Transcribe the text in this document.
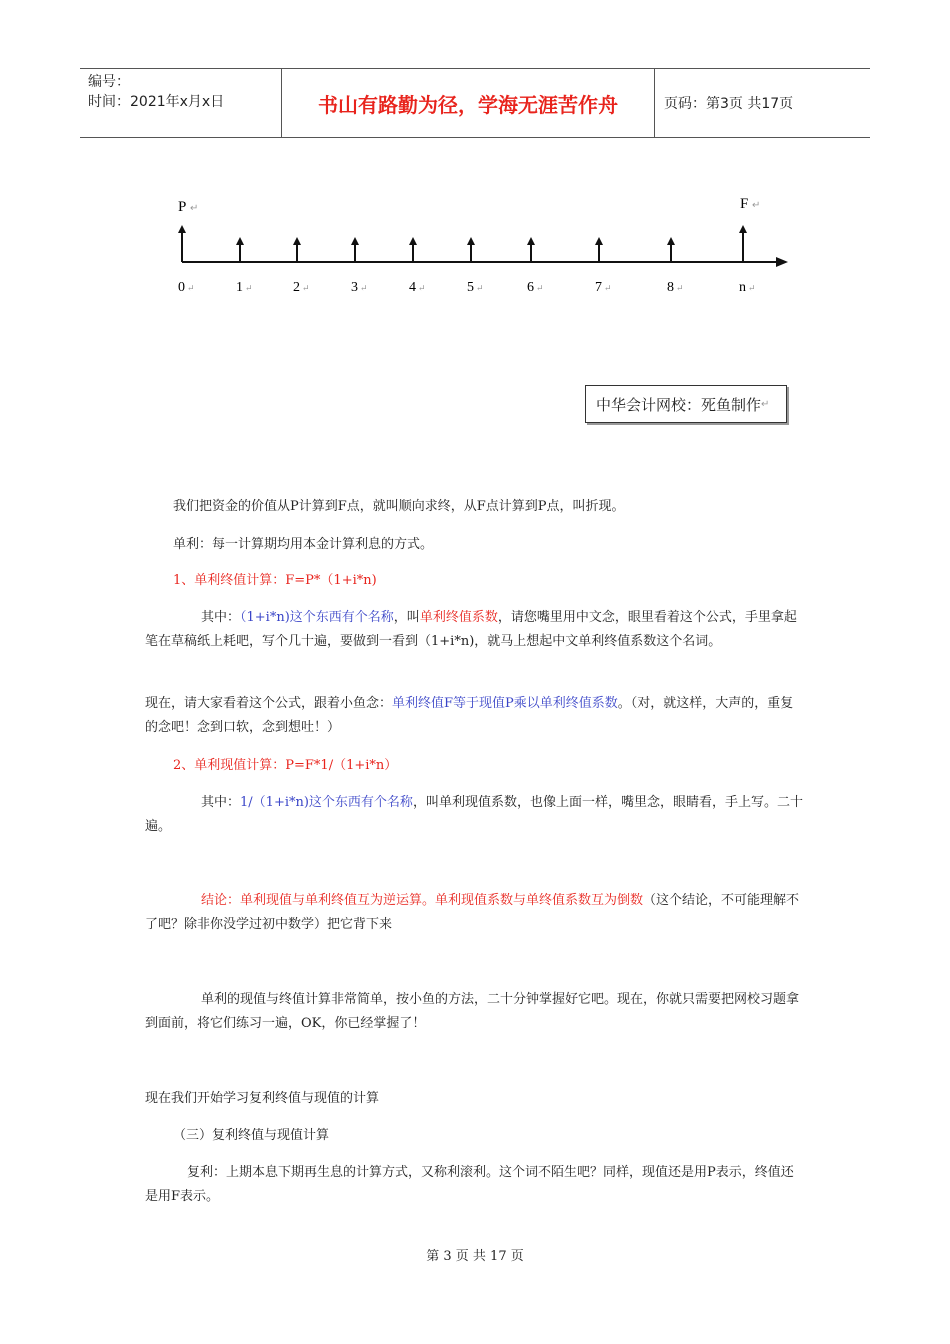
编号：
时间：2021年x月x日	书山有路勤为径，学海无涯苦作舟	页码：第3页 共17页
0 ↵	1 ↵	2 ↵	3 ↵	4 ↵	5 ↵	6 ↵	7 ↵	8 ↵	n ↵
P ↵	F ↵
中华会计网校：死鱼制作 ↵

我们把资金的价值从P计算到F点，就叫顺向求终，从F点计算到P点，叫折现。

单利：每一计算期均用本金计算利息的方式。

1、单利终值计算：F=P*（1+i*n)

其中：（1+i*n)这个东西有个名称，叫单利终值系数，请您嘴里用中文念，眼里看着这个公式，手里拿起笔在草稿纸上耗吧，写个几十遍，要做到一看到（1+i*n)，就马上想起中文单利终值系数这个名词。

现在，请大家看着这个公式，跟着小鱼念：单利终值F等于现值P乘以单利终值系数。（对，就这样，大声的，重复的念吧！念到口软，念到想吐！）

2、单利现值计算：P=F*1/（1+i*n）

其中：1/（1+i*n)这个东西有个名称，叫单利现值系数，也像上面一样，嘴里念，眼睛看，手上写。二十遍。

结论：单利现值与单利终值互为逆运算。单利现值系数与单终值系数互为倒数（这个结论，不可能理解不了吧？除非你没学过初中数学）把它背下来

单利的现值与终值计算非常简单，按小鱼的方法，二十分钟掌握好它吧。现在，你就只需要把网校习题拿到面前，将它们练习一遍，OK，你已经掌握了！

现在我们开始学习复利终值与现值的计算

（三）复利终值与现值计算

复利：上期本息下期再生息的计算方式，又称利滚利。这个词不陌生吧？同样，现值还是用P表示，终值还是用F表示。

第 3 页 共 17 页
